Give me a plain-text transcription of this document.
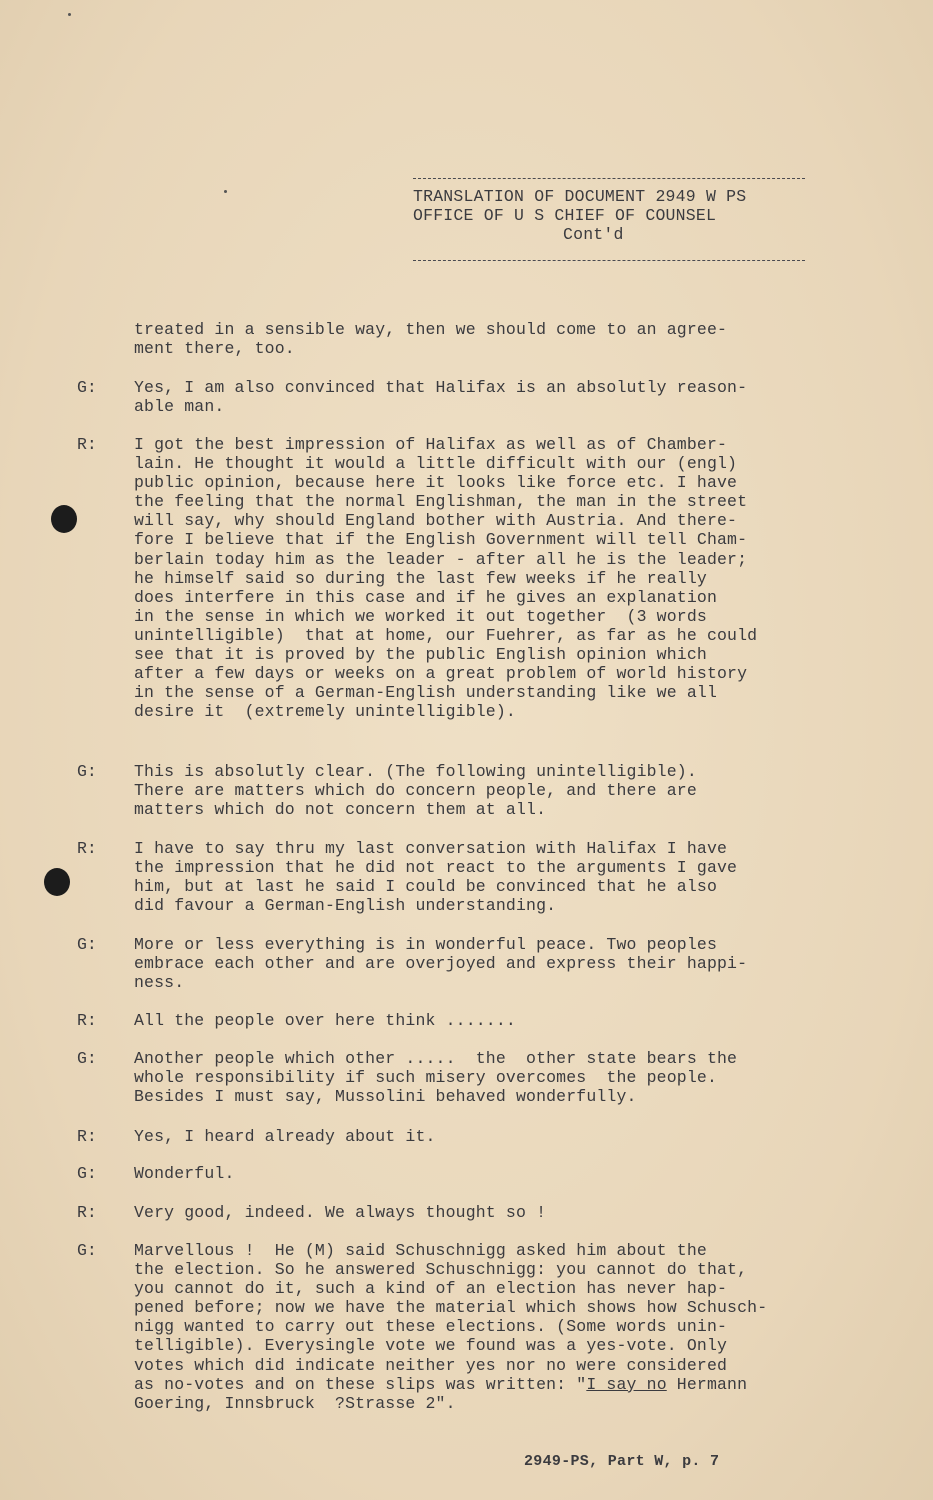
TRANSLATION OF DOCUMENT 2949 W PS
OFFICE OF U S CHIEF OF COUNSEL
Cont'd
treated in a sensible way, then we should come to an agree-
ment there, too.
G: Yes, I am also convinced that Halifax is an absolutly reason-
able man.
R: I got the best impression of Halifax as well as of Chamber-
lain. He thought it would a little difficult with our (engl)
public opinion, because here it looks like force etc. I have
the feeling that the normal Englishman, the man in the street
will say, why should England bother with Austria. And there-
fore I believe that if the English Government will tell Cham-
berlain today him as the leader - after all he is the leader;
he himself said so during the last few weeks if he really
does interfere in this case and if he gives an explanation
in the sense in which we worked it out together  (3 words
unintelligible)  that at home, our Fuehrer, as far as he could
see that it is proved by the public English opinion which
after a few days or weeks on a great problem of world history
in the sense of a German-English understanding like we all
desire it  (extremely unintelligible).
G: This is absolutly clear. (The following unintelligible).
There are matters which do concern people, and there are
matters which do not concern them at all.
R: I have to say thru my last conversation with Halifax I have
the impression that he did not react to the arguments I gave
him, but at last he said I could be convinced that he also
did favour a German-English understanding.
G: More or less everything is in wonderful peace. Two peoples
embrace each other and are overjoyed and express their happi-
ness.
R: All the people over here think .......
G: Another people which other .....  the  other state bears the
whole responsibility if such misery overcomes  the people.
Besides I must say, Mussolini behaved wonderfully.
R: Yes, I heard already about it.
G: Wonderful.
R: Very good, indeed. We always thought so !
G: Marvellous !  He (M) said Schuschnigg asked him about the
the election. So he answered Schuschnigg: you cannot do that,
you cannot do it, such a kind of an election has never hap-
pened before; now we have the material which shows how Schusch-
nigg wanted to carry out these elections. (Some words unin-
telligible). Everysingle vote we found was a yes-vote. Only
votes which did indicate neither yes nor no were considered
as no-votes and on these slips was written: "I say no Hermann
Goering, Innsbruck  ?Strasse 2".
2949-PS, Part W, p. 7
